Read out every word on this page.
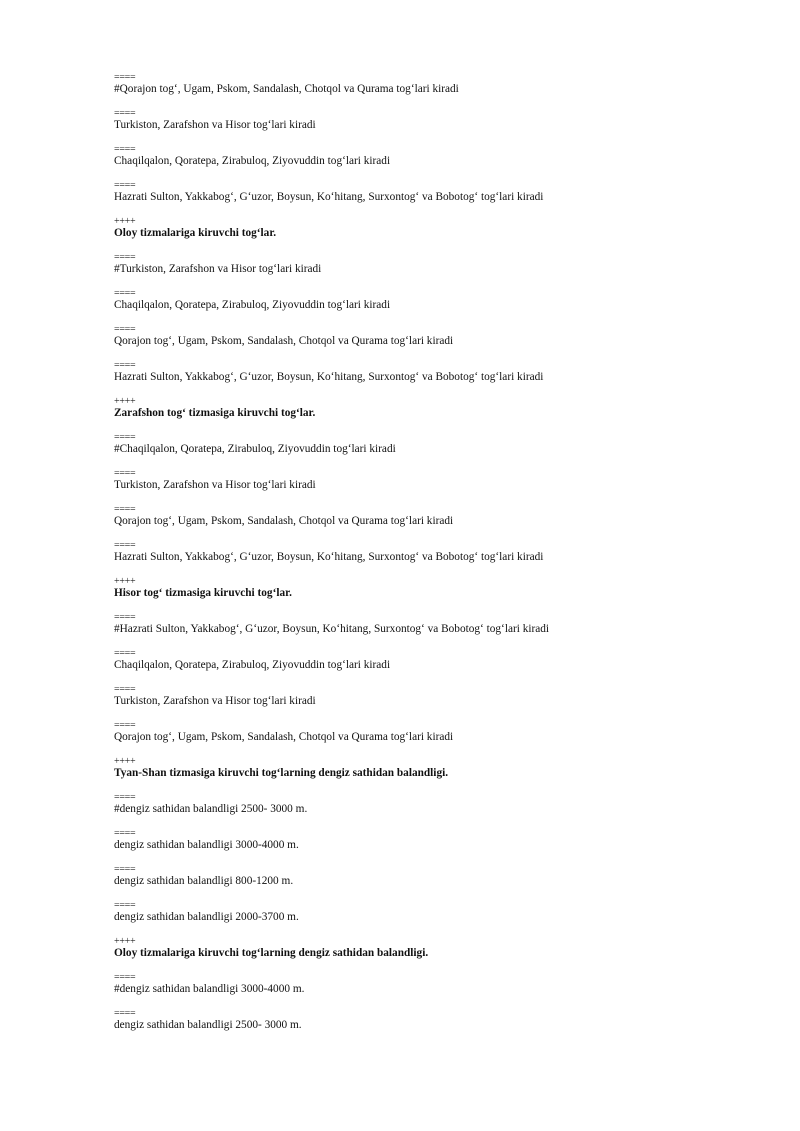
====
#Qorajon tog‘, Ugam, Pskom, Sandalash, Chotqol va Qurama tog‘lari kiradi
====
Turkiston, Zarafshon va Hisor tog‘lari kiradi
====
Chaqilqalon, Qoratepa, Zirabuloq, Ziyovuddin tog‘lari kiradi
====
Hazrati Sulton, Yakkabog‘, G‘uzor, Boysun, Ko‘hitang, Surxontog‘ va Bobotog‘ tog‘lari kiradi
++++
Oloy tizmalariga kiruvchi tog‘lar.
====
#Turkiston, Zarafshon va Hisor tog‘lari kiradi
====
Chaqilqalon, Qoratepa, Zirabuloq, Ziyovuddin tog‘lari kiradi
====
Qorajon tog‘, Ugam, Pskom, Sandalash, Chotqol va Qurama tog‘lari kiradi
====
Hazrati Sulton, Yakkabog‘, G‘uzor, Boysun, Ko‘hitang, Surxontog‘ va Bobotog‘ tog‘lari kiradi
++++
Zarafshon tog‘ tizmasiga kiruvchi tog‘lar.
====
#Chaqilqalon, Qoratepa, Zirabuloq, Ziyovuddin tog‘lari kiradi
====
Turkiston, Zarafshon va Hisor tog‘lari kiradi
====
Qorajon tog‘, Ugam, Pskom, Sandalash, Chotqol va Qurama tog‘lari kiradi
====
Hazrati Sulton, Yakkabog‘, G‘uzor, Boysun, Ko‘hitang, Surxontog‘ va Bobotog‘ tog‘lari kiradi
++++
Hisor tog‘ tizmasiga kiruvchi tog‘lar.
====
#Hazrati Sulton, Yakkabog‘, G‘uzor, Boysun, Ko‘hitang, Surxontog‘ va Bobotog‘ tog‘lari kiradi
====
Chaqilqalon, Qoratepa, Zirabuloq, Ziyovuddin tog‘lari kiradi
====
Turkiston, Zarafshon va Hisor tog‘lari kiradi
====
Qorajon tog‘, Ugam, Pskom, Sandalash, Chotqol va Qurama tog‘lari kiradi
++++
Tyan-Shan tizmasiga kiruvchi tog‘larning dengiz sathidan balandligi.
====
#dengiz sathidan balandligi 2500- 3000 m.
====
dengiz sathidan balandligi 3000-4000 m.
====
dengiz sathidan balandligi 800-1200 m.
====
dengiz sathidan balandligi 2000-3700 m.
++++
Oloy tizmalariga kiruvchi tog‘larning dengiz sathidan balandligi.
====
#dengiz sathidan balandligi 3000-4000 m.
====
dengiz sathidan balandligi 2500- 3000 m.
